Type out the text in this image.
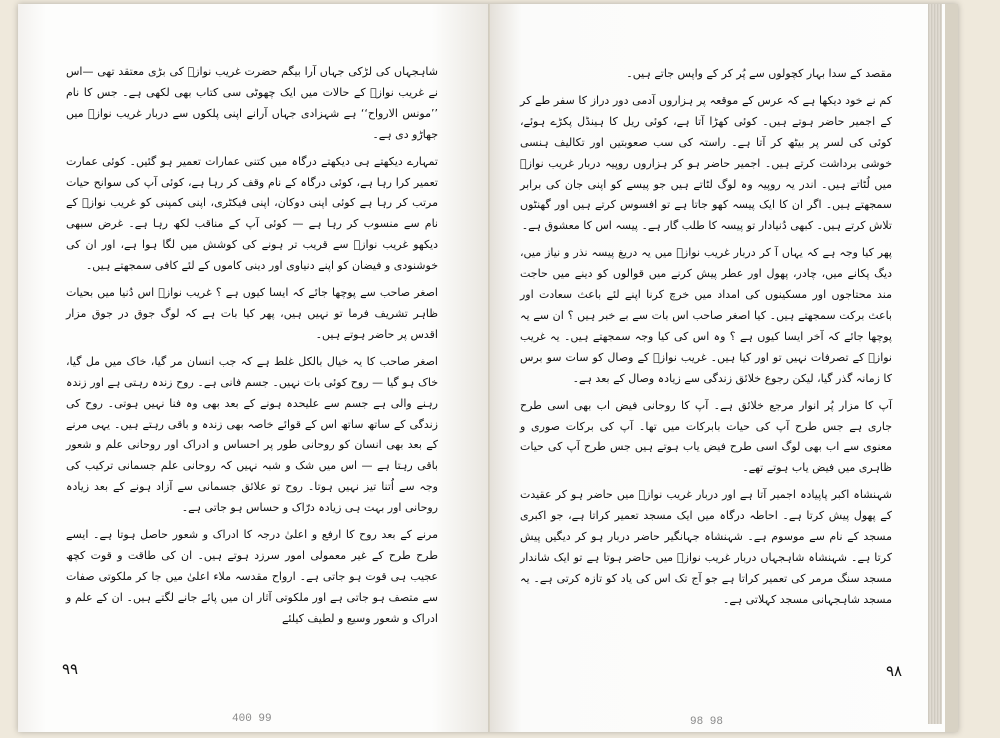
شاہجہاں کی لڑکی جہاں آرا بیگم حضرت غریب نوازؒ کی بڑی معتقد تھی —اس نے غریب نوازؒ کے حالات میں ایک چھوٹی سی کتاب بھی لکھی ہے۔ جس کا نام ’’مونس الارواح‘‘ ہے شہزادی جہاں آرانے اپنی پلکوں سے دربار غریب نوازؒ میں جھاڑو دی ہے۔

تمہارے دیکھتے ہی دیکھتے درگاہ میں کتنی عمارات تعمیر ہو گئیں۔ کوئی عمارت تعمیر کرا رہا ہے، کوئی درگاہ کے نام وقف کر رہا ہے، کوئی آپ کی سوانح حیات مرتب کر رہا ہے کوئی اپنی دوکان، اپنی فیکٹری، اپنی کمپنی کو غریب نوازؒ کے نام سے منسوب کر رہا ہے — کوئی آپ کے مناقب لکھ رہا ہے۔ غرض سبھی دیکھو غریب نوازؒ سے قریب تر ہونے کی کوشش میں لگا ہوا ہے، اور ان کی خوشنودی و فیضان کو اپنے دنیاوی اور دینی کاموں کے لئے کافی سمجھتے ہیں۔

اصغر صاحب سے پوچھا جائے کہ ایسا کیوں ہے ؟ غریب نوازؒ اس دُنیا میں بحیات ظاہر تشریف فرما تو نہیں ہیں، پھر کیا بات ہے کہ لوگ جوق در جوق مزار اقدس پر حاضر ہوتے ہیں۔

اصغر صاحب کا یہ خیال بالکل غلط ہے کہ جب انسان مر گیا، خاک میں مل گیا، خاک ہو گیا — روح کوئی بات نہیں۔ جسم فانی ہے۔ روح زندہ رہتی ہے اور زندہ رہنے والی ہے جسم سے علیحدہ ہونے کے بعد بھی وہ فنا نہیں ہوتی۔ روح کی زندگی کے ساتھ ساتھ اس کے قوائے خاصہ بھی زندہ و باقی رہتے ہیں۔ یہی مرنے کے بعد بھی انسان کو روحانی طور پر احساس و ادراک اور روحانی علم و شعور باقی رہتا ہے — اس میں شک و شبہ نہیں کہ روحانی علم جسمانی ترکیب کی وجہ سے اُتنا تیز نہیں ہوتا۔ روح تو علائق جسمانی سے آزاد ہونے کے بعد زیادہ روحانی اور بہت ہی زیادہ درّاک و حساس ہو جاتی ہے۔

مرنے کے بعد روح کا ارفع و اعلیٰ درجہ کا ادراک و شعور حاصل ہوتا ہے۔ ایسے طرح طرح کے غیر معمولی امور سرزد ہوتے ہیں۔ ان کی طاقت و قوت کچھ عجیب ہی قوت ہو جاتی ہے۔ ارواح مقدسہ ملاء اعلیٰ میں جا کر ملکوتی صفات سے متصف ہو جاتی ہے اور ملکوتی آثار ان میں پائے جانے لگتے ہیں۔ ان کے علم و ادراک و شعور وسیع و لطیف کیلئے

۹۹
400 99

مقصد کے سدا بہار کچولوں سے پُر کر کے واپس جاتے ہیں۔

کم نے خود دیکھا ہے کہ عرس کے موقعہ پر ہزاروں آدمی دور دراز کا سفر طے کر کے اجمیر حاضر ہوتے ہیں۔ کوئی کھڑا آتا ہے، کوئی ریل کا ہینڈل پکڑے ہوئے، کوئی کی لسر پر بیٹھ کر آتا ہے۔ راستہ کی سب صعوبتیں اور تکالیف ہنسی خوشی برداشت کرتے ہیں۔ اجمیر حاضر ہو کر ہزاروں روپیہ دربار غریب نوازؒ میں لُٹاتے ہیں۔ اندر یہ روپیہ وہ لوگ لٹاتے ہیں جو پیسے کو اپنی جان کی برابر سمجھتے ہیں۔ اگر ان کا ایک پیسہ کھو جاتا ہے تو افسوس کرتے ہیں اور گھنٹوں تلاش کرتے ہیں۔ کبھی دُنیادار تو پیسہ کا طلب گار ہے۔ پیسہ اس کا معشوق ہے۔

پھر کیا وجہ ہے کہ یہاں آ کر دربار غریب نوازؒ میں یہ دریغ پیسہ نذر و نیاز میں، دیگ پکانے میں، چادر، پھول اور عطر پیش کرنے میں قوالوں کو دینے میں حاجت مند محتاجوں اور مسکینوں کی امداد میں خرچ کرنا اپنے لئے باعث سعادت اور باعث برکت سمجھتے ہیں۔ کیا اصغر صاحب اس بات سے بے خبر ہیں ؟ ان سے یہ پوچھا جائے کہ آخر ایسا کیوں ہے ؟ وہ اس کی کیا وجہ سمجھتے ہیں۔ یہ غریب نوازؒ کے تصرفات نہیں تو اور کیا ہیں۔ غریب نوازؒ کے وصال کو سات سو برس کا زمانہ گذر گیا، لیکن رجوع خلائق زندگی سے زیادہ وصال کے بعد ہے۔

آپ کا مزار پُر انوار مرجع خلائق ہے۔ آپ کا روحانی فیض اب بھی اسی طرح جاری ہے جس طرح آپ کی حیات بابرکات میں تھا۔ آپ کی برکات صوری و معنوی سے اب بھی لوگ اسی طرح فیض یاب ہوتے ہیں جس طرح آپ کی حیات ظاہری میں فیض یاب ہوتے تھے۔

شہنشاہ اکبر پاپیادہ اجمیر آتا ہے اور دربار غریب نوازؒ میں حاضر ہو کر عقیدت کے پھول پیش کرتا ہے۔ احاطہ درگاہ میں ایک مسجد تعمیر کراتا ہے، جو اکبری مسجد کے نام سے موسوم ہے۔ شہنشاہ جہانگیر حاضر دربار ہو کر دیگیں پیش کرتا ہے۔ شہنشاہ شاہجہاں دربار غریب نوازؒ میں حاضر ہوتا ہے تو ایک شاندار مسجد سنگ مرمر کی تعمیر کراتا ہے جو آج تک اس کی یاد کو تازہ کرتی ہے۔ یہ مسجد شاہجہانی مسجد کہلاتی ہے۔

۹۸
98 98
